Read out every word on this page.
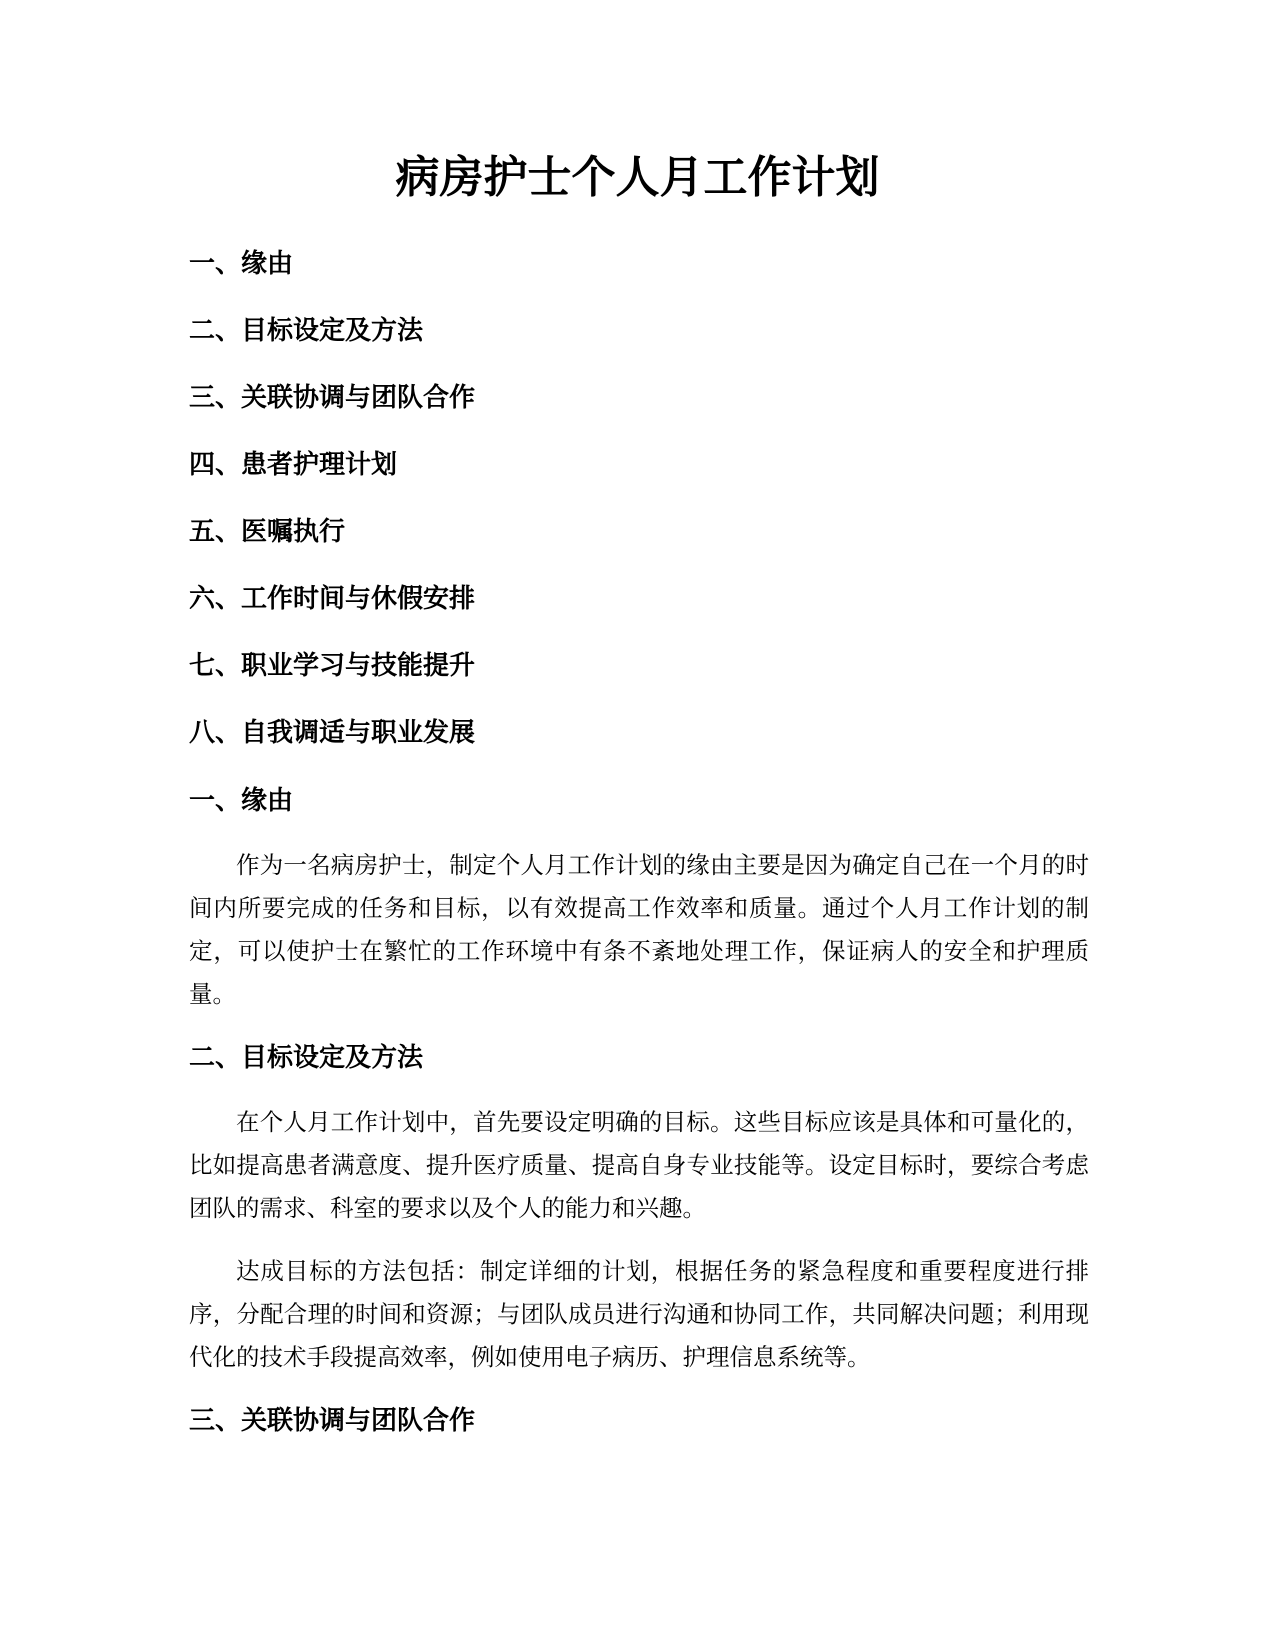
病房护士个人月工作计划
一、缘由
二、目标设定及方法
三、关联协调与团队合作
四、患者护理计划
五、医嘱执行
六、工作时间与休假安排
七、职业学习与技能提升
八、自我调适与职业发展
一、缘由

作为一名病房护士，制定个人月工作计划的缘由主要是因为确定自己在一个月的时间内所要完成的任务和目标，以有效提高工作效率和质量。通过个人月工作计划的制定，可以使护士在繁忙的工作环境中有条不紊地处理工作，保证病人的安全和护理质量。

二、目标设定及方法

在个人月工作计划中，首先要设定明确的目标。这些目标应该是具体和可量化的，比如提高患者满意度、提升医疗质量、提高自身专业技能等。设定目标时，要综合考虑团队的需求、科室的要求以及个人的能力和兴趣。

达成目标的方法包括：制定详细的计划，根据任务的紧急程度和重要程度进行排序，分配合理的时间和资源；与团队成员进行沟通和协同工作，共同解决问题；利用现代化的技术手段提高效率，例如使用电子病历、护理信息系统等。

三、关联协调与团队合作
